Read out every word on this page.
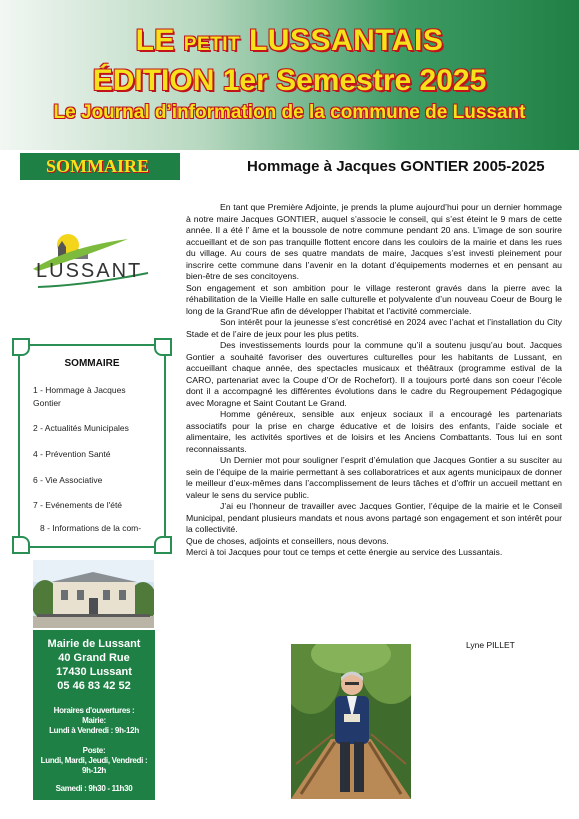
LE PETIT LUSSANTAIS
ÉDITION 1er Semestre 2025
Le Journal d’information de la commune de Lussant
SOMMAIRE	Hommage à Jacques GONTIER 2005-2025
LUSSANT
SOMMAIRE
1 - Hommage à Jacques
Gontier
2 - Actualités Municipales
4 - Prévention Santé
6 - Vie Associative
7 - Evénements de l'été
8 - Informations de la com-
Mairie de Lussant
40 Grand Rue
17430 Lussant
05 46 83 42 52
Horaires d'ouvertures :
Mairie:
Lundi à Vendredi : 9h-12h
Poste:
Lundi, Mardi, Jeudi, Vendredi :
9h-12h
Samedi : 9h30 - 11h30

En tant que Première Adjointe, je prends la plume aujourd’hui pour un dernier hommage à notre maire Jacques GONTIER, auquel s’associe le conseil, qui s’est éteint le 9 mars de cette année. Il a été l’ âme et la boussole de notre commune pendant 20 ans. L’image de son sourire accueillant et de son pas tranquille flottent encore dans les couloirs de la mairie et dans les rues du village. Au cours de ses quatre mandats de maire, Jacques s’est investi pleinement pour inscrire cette commune dans l’avenir en la dotant d’équipements modernes et en pensant au bien-être de ses concitoyens.

Son engagement et son ambition pour le village resteront gravés dans la pierre avec la réhabilitation de la Vieille Halle en salle culturelle et polyvalente d’un nouveau Coeur de Bourg le long de la Grand’Rue afin de développer l’habitat et l’activité commerciale.

Son intérêt pour la jeunesse s’est concrétisé en 2024 avec l’achat et l’installation du City Stade et de l’aire de jeux pour les plus petits.

Des investissements lourds pour la commune qu’il a soutenu jusqu’au bout. Jacques Gontier a souhaité favoriser des ouvertures culturelles pour les habitants de Lussant, en accueillant chaque année, des spectacles musicaux et théâtraux (programme estival de la CARO, partenariat avec la Coupe d’Or de Rochefort). Il a toujours porté dans son coeur l’école dont il a accompagné les différentes évolutions dans le cadre du Regroupement Pédagogique avec Moragne et Saint Coutant Le Grand.

Homme généreux, sensible aux enjeux sociaux il a encouragé les partenariats associatifs pour la prise en charge éducative et de loisirs des enfants, l’aide sociale et alimentaire, les activités sportives et de loisirs et les Anciens Combattants. Tous lui en sont reconnaissants.

Un Dernier mot pour souligner l’esprit d’émulation que Jacques Gontier a su susciter au sein de l’équipe de la mairie permettant à ses collaboratrices et aux agents municipaux de donner le meilleur d’eux-mêmes dans l’accomplissement de leurs tâches et d’offrir un accueil mettant en valeur le sens du service public.

J’ai eu l’honneur de travailler avec Jacques Gontier, l’équipe de la mairie et le Conseil Municipal, pendant plusieurs mandats et nous avons partagé son engagement et son intérêt pour la collectivité.

Que de choses, adjoints et conseillers, nous devons.

Merci à toi Jacques pour tout ce temps et cette énergie au service des Lussantais.

Lyne PILLET
